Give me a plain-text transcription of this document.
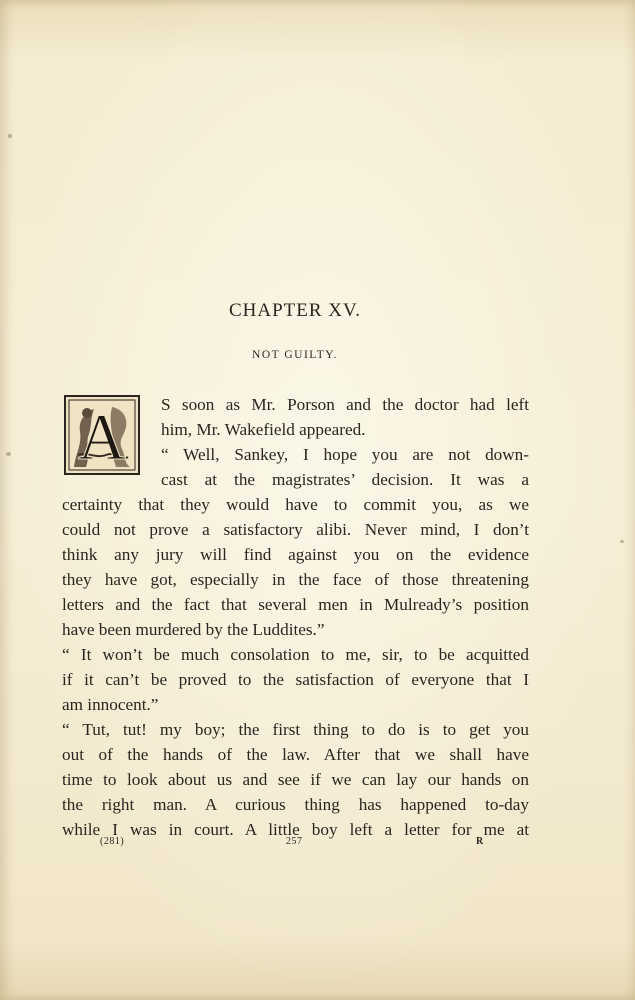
CHAPTER XV.
NOT GUILTY.
A S soon as Mr. Porson and the doctor had left
him, Mr. Wakefield appeared.
“ Well, Sankey, I hope you are not down-
cast at the magistrates’ decision. It was a
certainty that they would have to commit you, as we
could not prove a satisfactory alibi. Never mind, I don’t
think any jury will find against you on the evidence
they have got, especially in the face of those threatening
letters and the fact that several men in Mulready’s position
have been murdered by the Luddites.”
“ It won’t be much consolation to me, sir, to be acquitted
if it can’t be proved to the satisfaction of everyone that I
am innocent.”
“ Tut, tut! my boy; the first thing to do is to get you
out of the hands of the law. After that we shall have
time to look about us and see if we can lay our hands on
the right man. A curious thing has happened to-day
while I was in court. A little boy left a letter for me at
(281)	257	R
